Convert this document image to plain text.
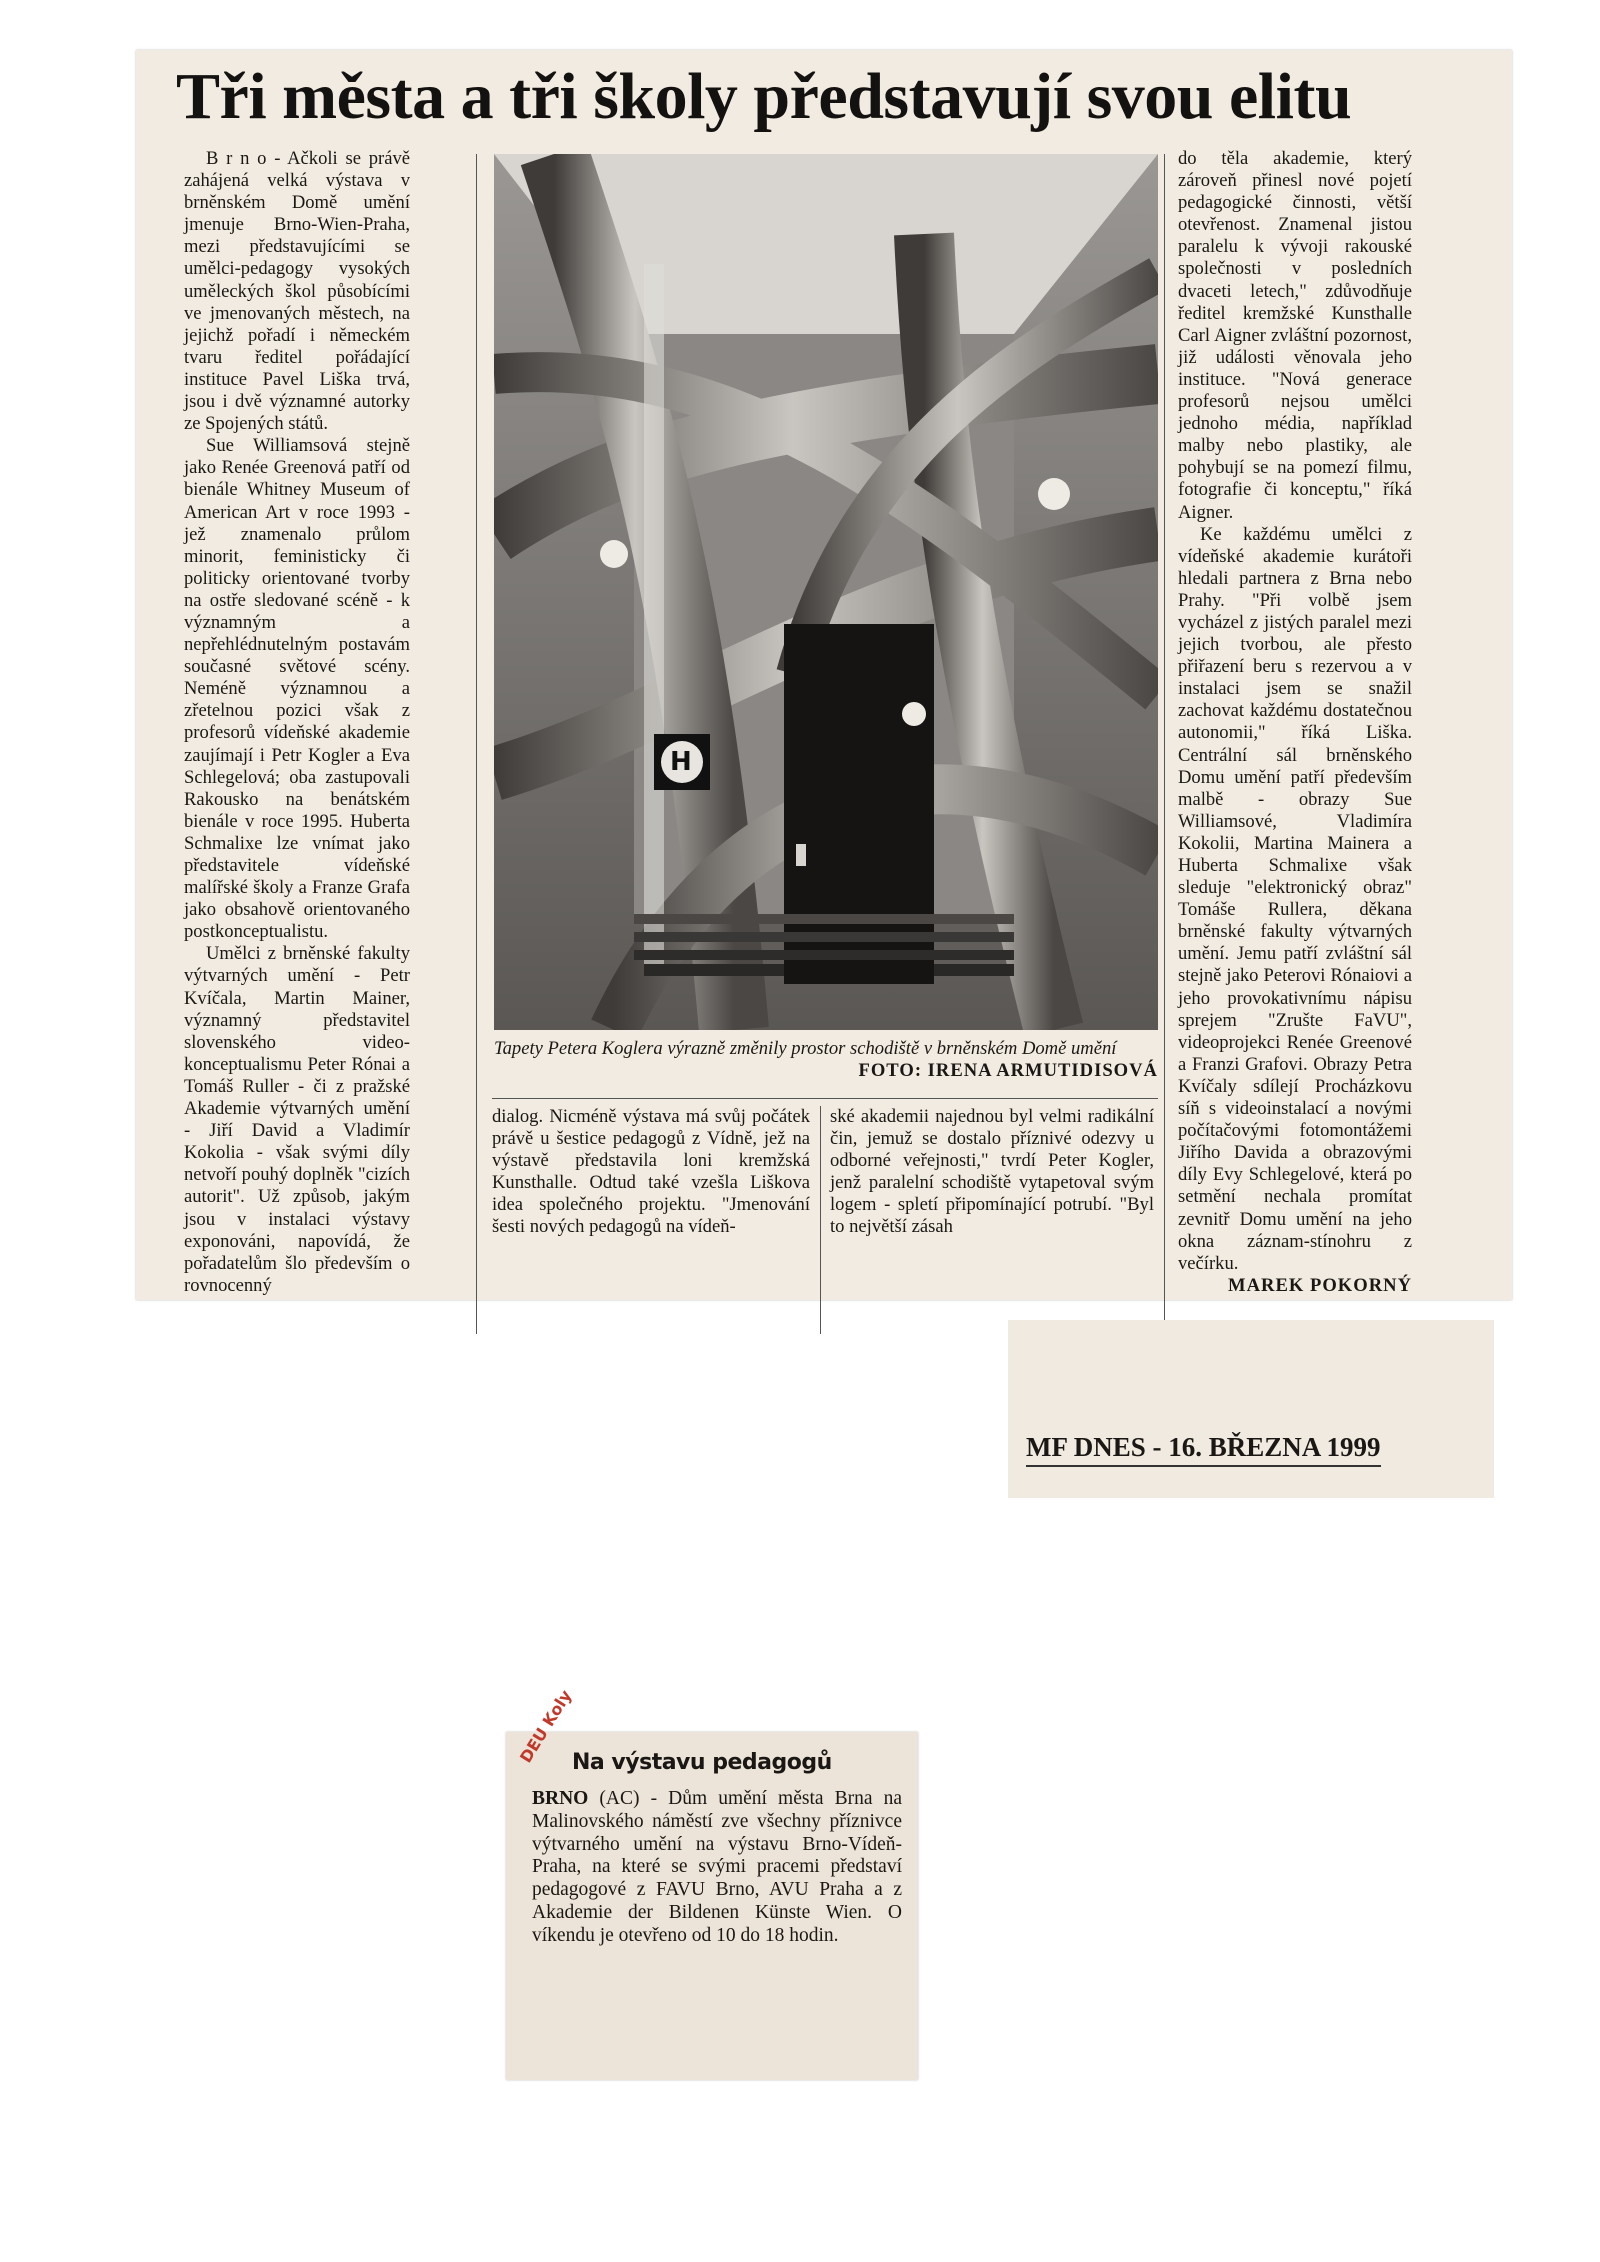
Tři města a tři školy představují svou elitu

B r n o - Ačkoli se právě zahájená velká výstava v brněnském Domě umění jmenuje Brno-Wien-Praha, mezi představujícími se umělci-pedagogy vysokých uměleckých škol působícími ve jmenovaných městech, na jejichž pořadí i německém tvaru ředitel pořádající instituce Pavel Liška trvá, jsou i dvě významné autorky ze Spojených států.

Sue Williamsová stejně jako Renée Greenová patří od bienále Whitney Museum of American Art v roce 1993 - jež znamenalo průlom minorit, feministicky či politicky orientované tvorby na ostře sledované scéně - k významným a nepřehlédnutelným postavám současné světové scény. Neméně významnou a zřetelnou pozici však z profesorů vídeňské akademie zaujímají i Petr Kogler a Eva Schlegelová; oba zastupovali Rakousko na benátském bienále v roce 1995. Huberta Schmalixe lze vnímat jako představitele vídeňské malířské školy a Franze Grafa jako obsahově orientovaného postkonceptualistu.

Umělci z brněnské fakulty výtvarných umění - Petr Kvíčala, Martin Mainer, významný představitel slovenského video-konceptualismu Peter Rónai a Tomáš Ruller - či z pražské Akademie výtvarných umění - Jiří David a Vladimír Kokolia - však svými díly netvoří pouhý doplněk "cizích autorit". Už způsob, jakým jsou v instalaci výstavy exponováni, napovídá, že pořadatelům šlo především o rovnocenný

H
Tapety Petera Koglera výrazně změnily prostor schodiště v brněnském Domě umění
FOTO: IRENA ARMUTIDISOVÁ

dialog. Nicméně výstava má svůj počátek právě u šestice pedagogů z Vídně, jež na výstavě představila loni kremžská Kunsthalle. Odtud také vzešla Liškova idea společného projektu. "Jmenování šesti nových pedagogů na vídeň-

ské akademii najednou byl velmi radikální čin, jemuž se dostalo příznivé odezvy u odborné veřejnosti," tvrdí Peter Kogler, jenž paralelní schodiště vytapetoval svým logem - spletí připomínající potrubí. "Byl to největší zásah

do těla akademie, který zároveň přinesl nové pojetí pedagogické činnosti, větší otevřenost. Znamenal jistou paralelu k vývoji rakouské společnosti v posledních dvaceti letech," zdůvodňuje ředitel kremžské Kunsthalle Carl Aigner zvláštní pozornost, již události věnovala jeho instituce. "Nová generace profesorů nejsou umělci jednoho média, například malby nebo plastiky, ale pohybují se na pomezí filmu, fotografie či konceptu," říká Aigner.

Ke každému umělci z vídeňské akademie kurátoři hledali partnera z Brna nebo Prahy. "Při volbě jsem vycházel z jistých paralel mezi jejich tvorbou, ale přesto přiřazení beru s rezervou a v instalaci jsem se snažil zachovat každému dostatečnou autonomii," říká Liška. Centrální sál brněnského Domu umění patří především malbě - obrazy Sue Williamsové, Vladimíra Kokolii, Martina Mainera a Huberta Schmalixe však sleduje "elektronický obraz" Tomáše Rullera, děkana brněnské fakulty výtvarných umění. Jemu patří zvláštní sál stejně jako Peterovi Rónaiovi a jeho provokativnímu nápisu sprejem "Zrušte FaVU", videoprojekci Renée Greenové a Franzi Grafovi. Obrazy Petra Kvíčaly sdílejí Procházkovu síň s videoinstalací a novými počítačovými fotomontážemi Jiřího Davida a obrazovými díly Evy Schlegelové, která po setmění nechala promítat zevnitř Domu umění na jeho okna záznam-stínohru z večírku.
MAREK POKORNÝ

MF DNES - 16. BŘEZNA 1999

DEU Koly

Na výstavu pedagogů

BRNO (AC) - Dům umění města Brna na Malinovského náměstí zve všechny příznivce výtvarného umění na výstavu Brno-Vídeň-Praha, na které se svými pracemi představí pedagogové z FAVU Brno, AVU Praha a z Akademie der Bildenen Künste Wien. O víkendu je otevřeno od 10 do 18 hodin.
